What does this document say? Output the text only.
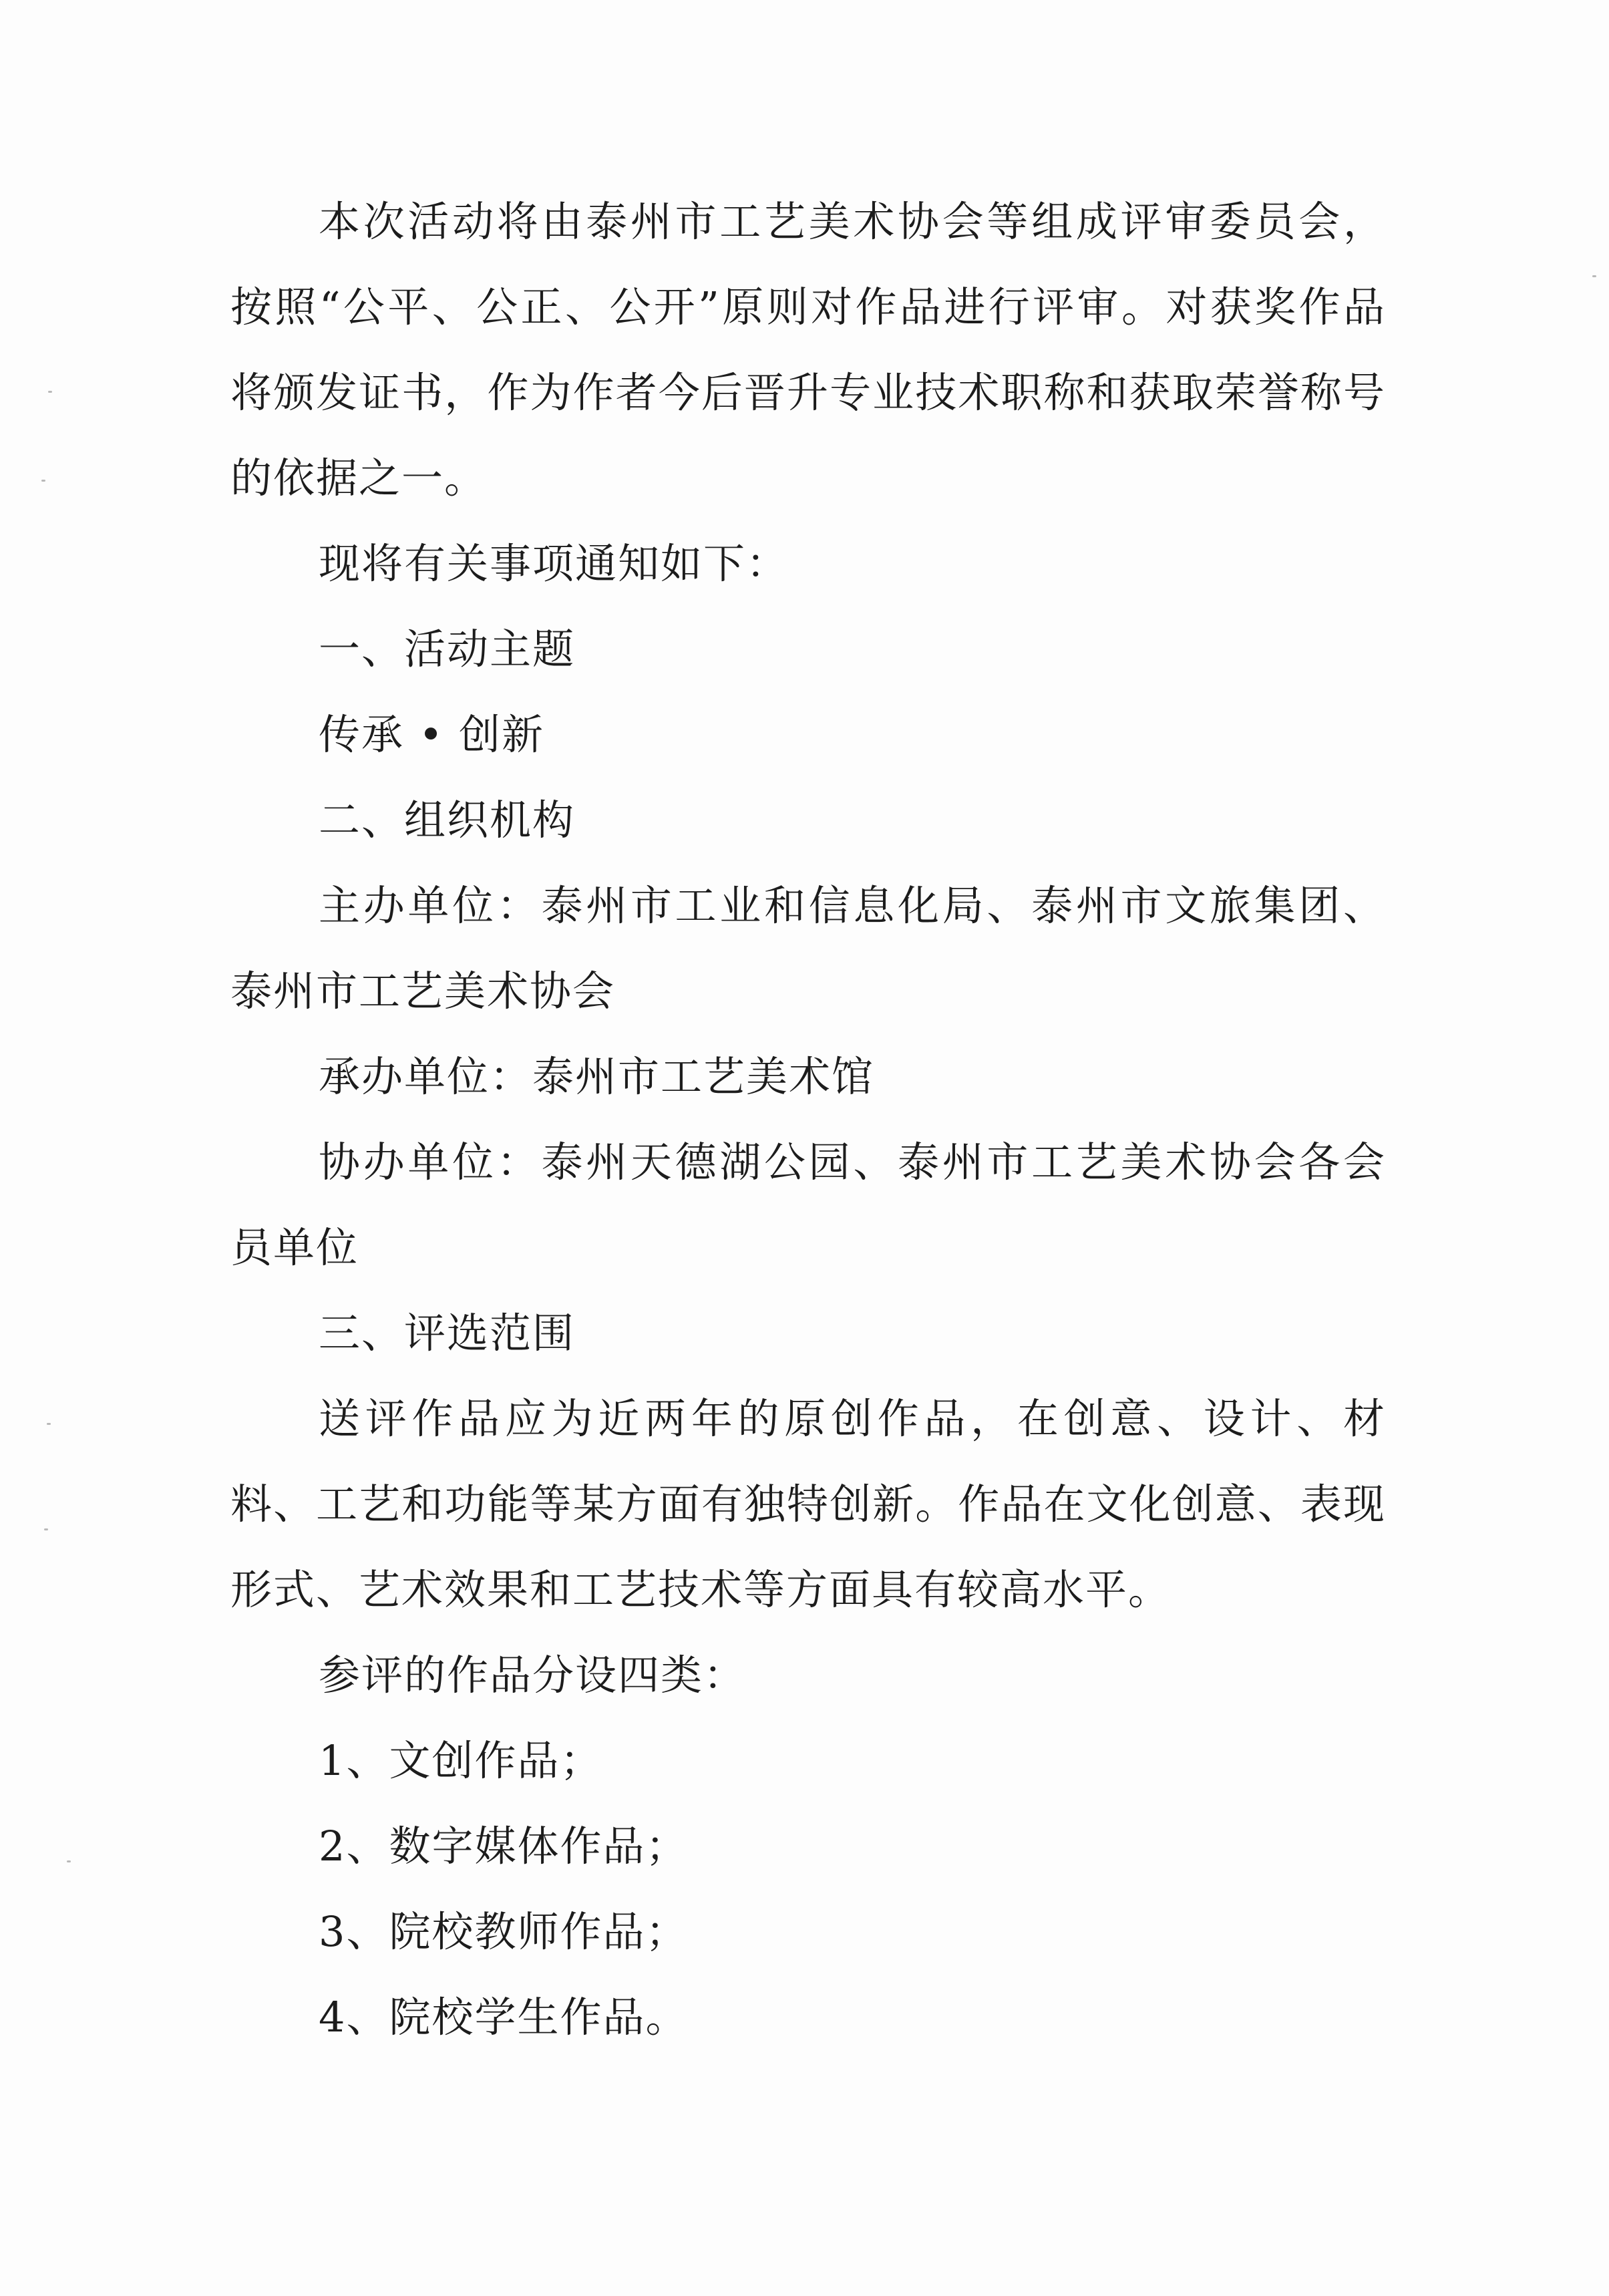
本次活动将由泰州市工艺美术协会等组成评审委员会，按照“公平、公正、公开”原则对作品进行评审。对获奖作品将颁发证书，作为作者今后晋升专业技术职称和获取荣誉称号的依据之一。

现将有关事项通知如下：

一、活动主题

传承 • 创新

二、组织机构

主办单位：泰州市工业和信息化局、泰州市文旅集团、泰州市工艺美术协会

承办单位：泰州市工艺美术馆

协办单位：泰州天德湖公园、泰州市工艺美术协会各会员单位

三、评选范围

送评作品应为近两年的原创作品，在创意、设计、材料、工艺和功能等某方面有独特创新。作品在文化创意、表现形式、艺术效果和工艺技术等方面具有较高水平。

参评的作品分设四类：

1、文创作品；

2、数字媒体作品；

3、院校教师作品；

4、院校学生作品。
